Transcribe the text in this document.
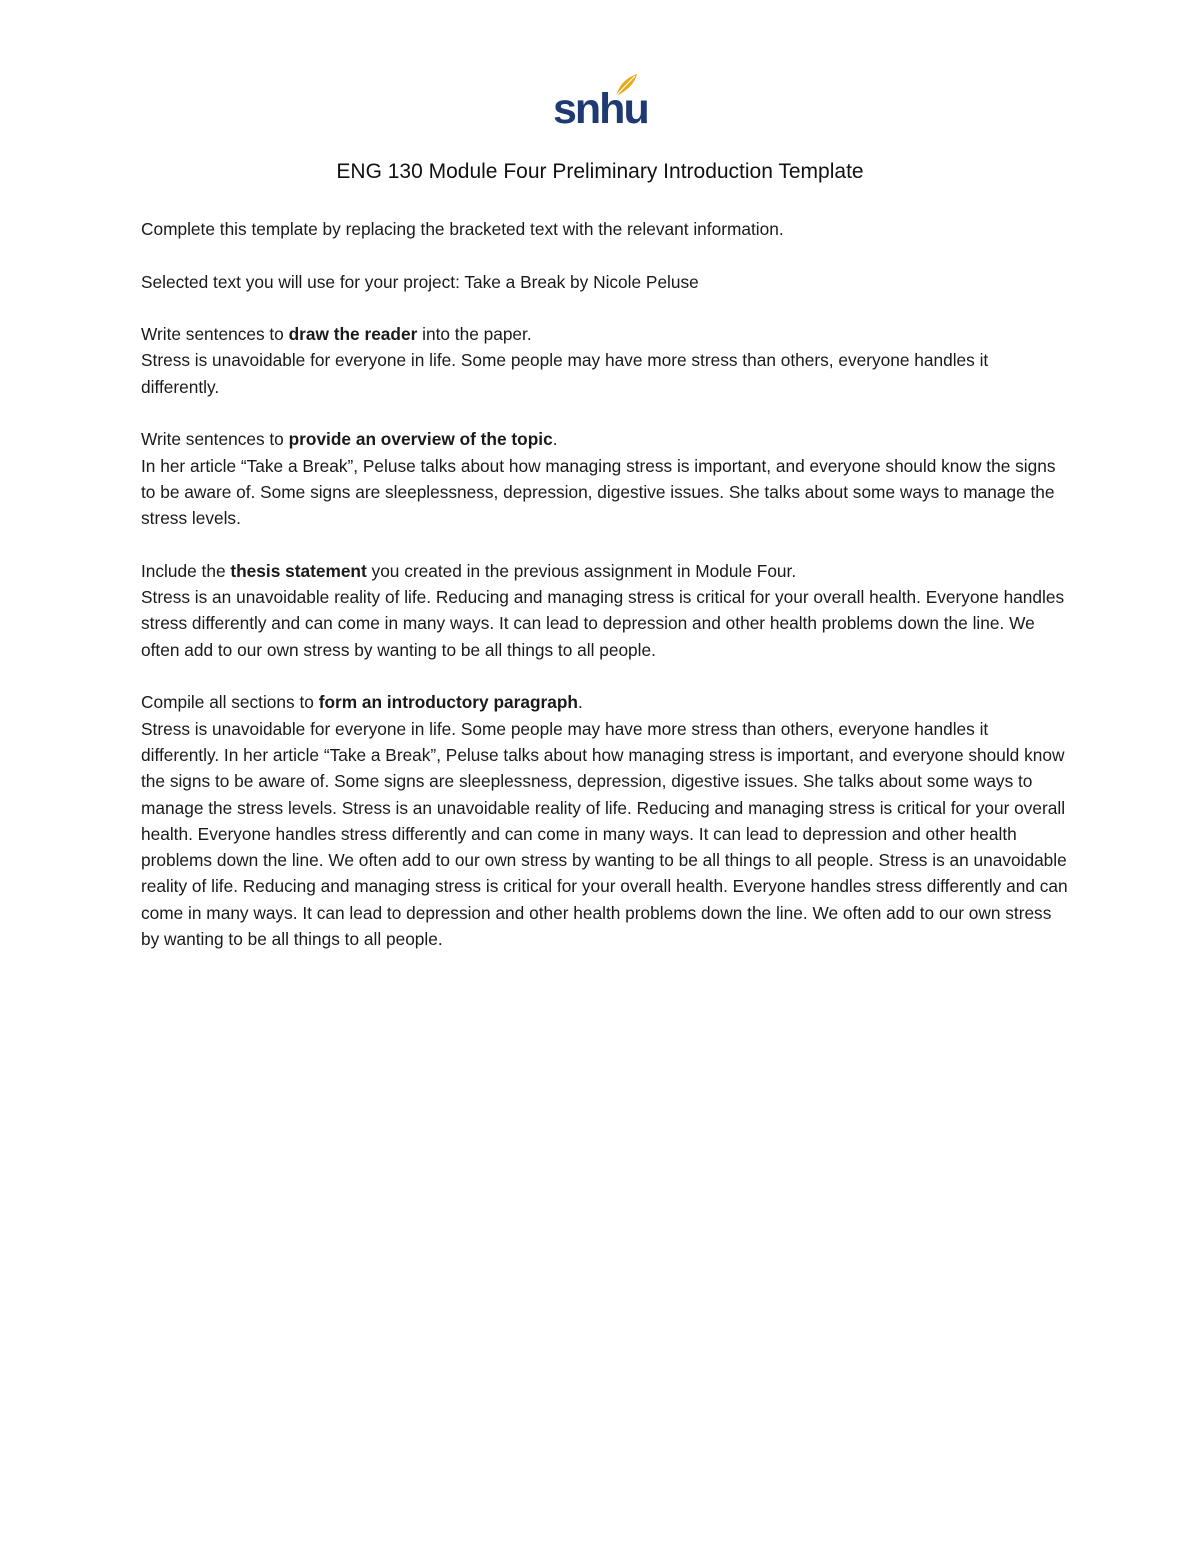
snhu
ENG 130 Module Four Preliminary Introduction Template

Complete this template by replacing the bracketed text with the relevant information.

Selected text you will use for your project: Take a Break by Nicole Peluse

Write sentences to draw the reader into the paper.

Stress is unavoidable for everyone in life. Some people may have more stress than others, everyone handles it differently.

Write sentences to provide an overview of the topic.

In her article “Take a Break”, Peluse talks about how managing stress is important, and everyone should know the signs to be aware of. Some signs are sleeplessness, depression, digestive issues. She talks about some ways to manage the stress levels.

Include the thesis statement you created in the previous assignment in Module Four.

Stress is an unavoidable reality of life. Reducing and managing stress is critical for your overall health. Everyone handles stress differently and can come in many ways. It can lead to depression and other health problems down the line. We often add to our own stress by wanting to be all things to all people.

Compile all sections to form an introductory paragraph.

Stress is unavoidable for everyone in life. Some people may have more stress than others, everyone handles it differently. In her article “Take a Break”, Peluse talks about how managing stress is important, and everyone should know the signs to be aware of. Some signs are sleeplessness, depression, digestive issues. She talks about some ways to manage the stress levels. Stress is an unavoidable reality of life. Reducing and managing stress is critical for your overall health. Everyone handles stress differently and can come in many ways. It can lead to depression and other health problems down the line. We often add to our own stress by wanting to be all things to all people. Stress is an unavoidable reality of life. Reducing and managing stress is critical for your overall health. Everyone handles stress differently and can come in many ways. It can lead to depression and other health problems down the line. We often add to our own stress by wanting to be all things to all people.
